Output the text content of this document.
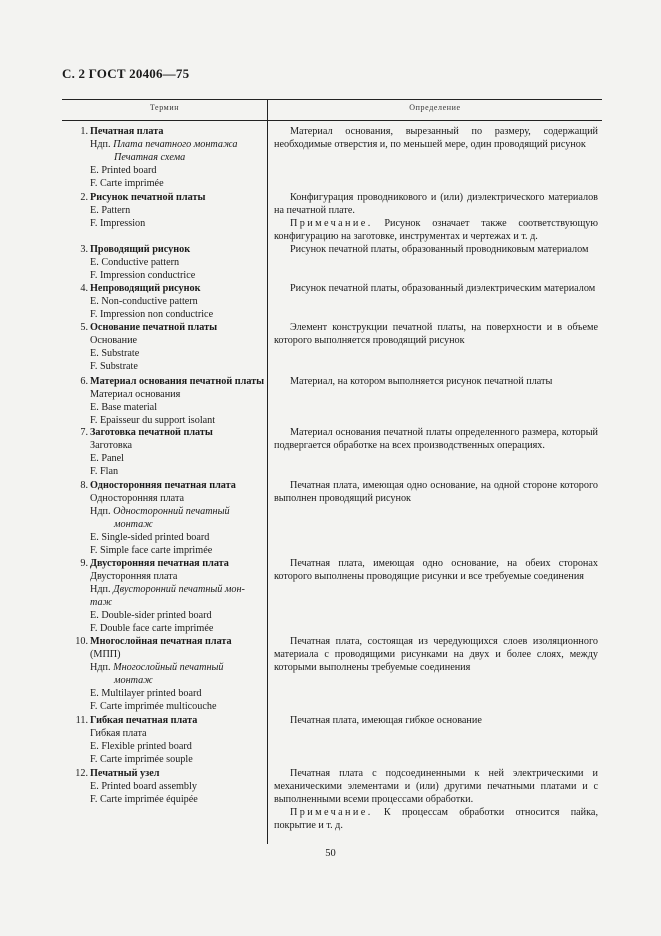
С. 2 ГОСТ 20406—75
Термин	Определение
1. Печатная плата
Ндп. Плата печатного монтажа
Печатная схема
E. Printed board
F. Carte imprimée

Материал основания, вырезанный по размеру, содержащий необходимые отверстия и, по меньшей мере, один проводящий рисунок

2. Рисунок печатной платы
E. Pattern
F. Impression

Конфигурация проводникового и (или) диэлектрического материалов на печатной плате.

Примечание. Рисунок означает также соответствующую конфигурацию на заготовке, инструментах и чертежах и т. д.

3. Проводящий рисунок
E. Conductive pattern
F. Impression conductrice

Рисунок печатной платы, образованный проводниковым материалом

4. Непроводящий рисунок
E. Non-conductive pattern
F. Impression non conductrice

Рисунок печатной платы, образованный диэлектрическим материалом

5. Основание печатной платы
Основание
E. Substrate
F. Substrate

Элемент конструкции печатной платы, на поверхности и в объеме которого выполняется проводящий рисунок

6. Материал основания печатной платы
Материал основания
E. Base material
F. Epaisseur du support isolant

Материал, на котором выполняется рисунок печатной платы

7. Заготовка печатной платы
Заготовка
E. Panel
F. Flan

Материал основания печатной платы определенного размера, который подвергается обработке на всех производственных операциях.

8. Односторонняя печатная плата
Односторонняя плата
Ндп. Односторонний печатный
монтаж
E. Single-sided printed board
F. Simple face carte imprimée

Печатная плата, имеющая одно основание, на одной стороне которого выполнен проводящий рисунок

9. Двусторонняя печатная плата
Двусторонняя плата
Ндп. Двусторонний печатный мон-
таж
E. Double-sider printed board
F. Double face carte imprimée

Печатная плата, имеющая одно основание, на обеих сторонах которого выполнены проводящие рисунки и все требуемые соединения

10. Многослойная печатная плата
(МПП)
Ндп. Многослойный печатный
монтаж
E. Multilayer printed board
F. Carte imprimée multicouche

Печатная плата, состоящая из чередующихся слоев изоляционного материала с проводящими рисунками на двух и более слоях, между которыми выполнены требуемые соединения

11. Гибкая печатная плата
Гибкая плата
E. Flexible printed board
F. Carte imprimée souple

Печатная плата, имеющая гибкое основание

12. Печатный узел
E. Printed board assembly
F. Carte imprimée équipée

Печатная плата с подсоединенными к ней электрическими и механическими элементами и (или) другими печатными платами и с выполненными всеми процессами обработки.

Примечание. К процессам обработки относится пайка, покрытие и т. д.

50
